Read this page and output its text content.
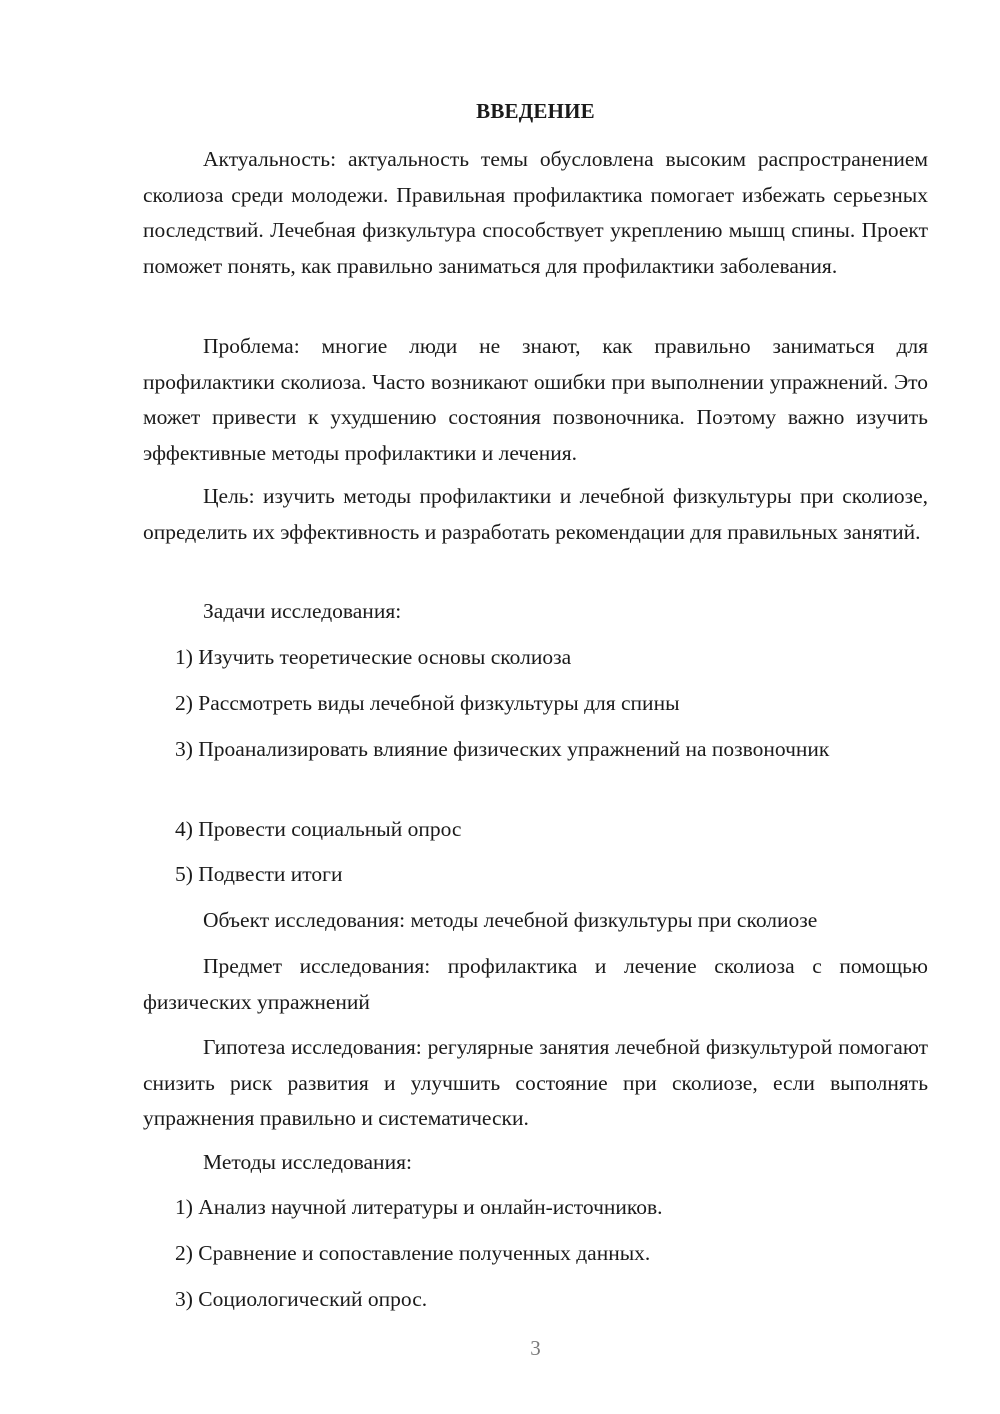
ВВЕДЕНИЕ

Актуальность: актуальность темы обусловлена высоким распространением сколиоза среди молодежи. Правильная профилактика помогает избежать серьезных последствий. Лечебная физкультура способствует укреплению мышц спины. Проект поможет понять, как правильно заниматься для профилактики заболевания.

Проблема: многие люди не знают, как правильно заниматься для профилактики сколиоза. Часто возникают ошибки при выполнении упражнений. Это может привести к ухудшению состояния позвоночника. Поэтому важно изучить эффективные методы профилактики и лечения.

Цель: изучить методы профилактики и лечебной физкультуры при сколиозе, определить их эффективность и разработать рекомендации для правильных занятий.

Задачи исследования:

1) Изучить теоретические основы сколиоза

2) Рассмотреть виды лечебной физкультуры для спины

3) Проанализировать влияние физических упражнений на позвоночник

4) Провести социальный опрос

5) Подвести итоги

Объект исследования: методы лечебной физкультуры при сколиозе

Предмет исследования: профилактика и лечение сколиоза с помощью физических упражнений

Гипотеза исследования: регулярные занятия лечебной физкультурой помогают снизить риск развития и улучшить состояние при сколиозе, если выполнять упражнения правильно и систематически.

Методы исследования:

1) Анализ научной литературы и онлайн-источников.

2) Сравнение и сопоставление полученных данных.

3) Социологический опрос.

3
